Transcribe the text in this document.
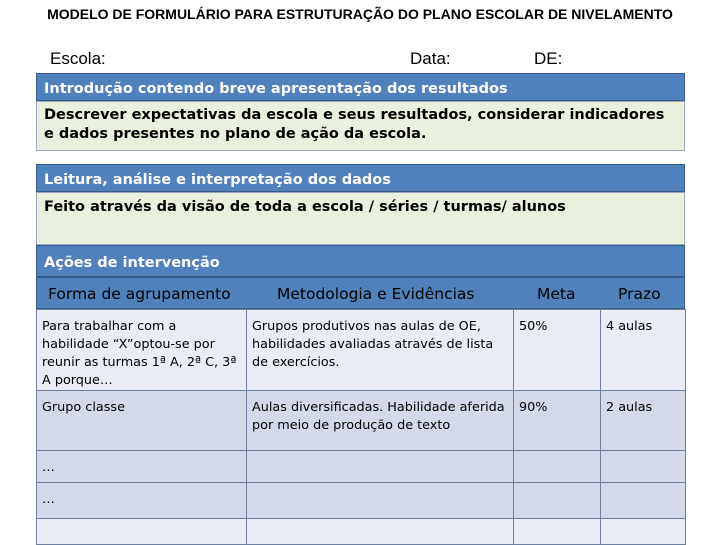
MODELO DE FORMULÁRIO PARA ESTRUTURAÇÃO DO PLANO ESCOLAR DE NIVELAMENTO
Escola:	Data:	DE:
Introdução contendo breve apresentação dos resultados
Descrever expectativas da escola e seus resultados, considerar indicadores e dados presentes no plano de ação da escola.
Leitura, análise e interpretação dos dados
Feito através da visão de toda a escola / séries / turmas/ alunos
Ações de intervenção
Forma de agrupamento	Metodologia e Evidências	Meta	Prazo
Para trabalhar com a habilidade “X”optou-se por reunir as turmas 1ª A, 2ª C, 3ª A porque…	Grupos produtivos nas aulas de OE, habilidades avaliadas através de lista de exercícios.	50%	4 aulas
Grupo classe	Aulas diversificadas. Habilidade aferida por meio de produção de texto	90%	2 aulas
…			
…			
